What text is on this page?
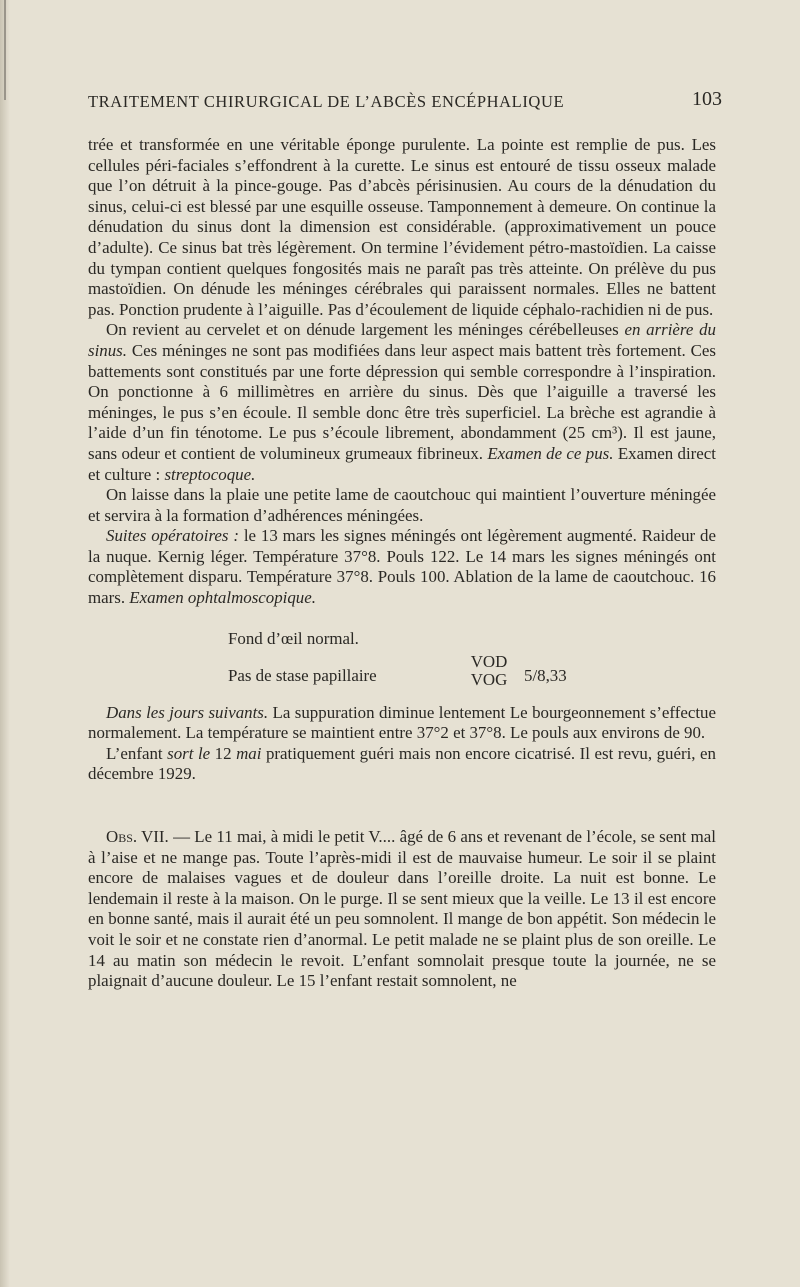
TRAITEMENT CHIRURGICAL DE L’ABCÈS ENCÉPHALIQUE	103

trée et transformée en une véritable éponge purulente. La pointe est remplie de pus. Les cellules péri-faciales s’effondrent à la curette. Le sinus est entouré de tissu osseux malade que l’on détruit à la pince-gouge. Pas d’abcès périsinusien. Au cours de la dénudation du sinus, celui-ci est blessé par une esquille osseuse. Tamponnement à demeure. On continue la dénudation du sinus dont la dimension est considérable. (approximativement un pouce d’adulte). Ce sinus bat très légèrement. On termine l’évidement pétro-mastoïdien. La caisse du tympan contient quelques fongosités mais ne paraît pas très atteinte. On prélève du pus mastoïdien. On dénude les méninges cérébrales qui paraissent normales. Elles ne battent pas. Ponction prudente à l’aiguille. Pas d’écoulement de liquide céphalo-rachidien ni de pus.

On revient au cervelet et on dénude largement les méninges cérébelleuses en arrière du sinus. Ces méninges ne sont pas modifiées dans leur aspect mais battent très fortement. Ces battements sont constitués par une forte dépression qui semble correspondre à l’inspiration. On ponctionne à 6 millimètres en arrière du sinus. Dès que l’aiguille a traversé les méninges, le pus s’en écoule. Il semble donc être très superficiel. La brèche est agrandie à l’aide d’un fin ténotome. Le pus s’écoule librement, abondamment (25 cm³). Il est jaune, sans odeur et contient de volumineux grumeaux fibrineux. Examen de ce pus. Examen direct et culture : streptocoque.

On laisse dans la plaie une petite lame de caoutchouc qui maintient l’ouverture méningée et servira à la formation d’adhérences méningées.

Suites opératoires : le 13 mars les signes méningés ont légèrement augmenté. Raideur de la nuque. Kernig léger. Température 37°8. Pouls 122. Le 14 mars les signes méningés ont complètement disparu. Température 37°8. Pouls 100. Ablation de la lame de caoutchouc. 16 mars. Examen ophtalmoscopique.

Fond d’œil normal.
Pas de stase papillaire
VOD
VOG 5/8,33

Dans les jours suivants. La suppuration diminue lentement Le bourgeonnement s’effectue normalement. La température se maintient entre 37°2 et 37°8. Le pouls aux environs de 90.

L’enfant sort le 12 mai pratiquement guéri mais non encore cicatrisé. Il est revu, guéri, en décembre 1929.

Obs. VII. — Le 11 mai, à midi le petit V.... âgé de 6 ans et revenant de l’école, se sent mal à l’aise et ne mange pas. Toute l’après-midi il est de mauvaise humeur. Le soir il se plaint encore de malaises vagues et de douleur dans l’oreille droite. La nuit est bonne. Le lendemain il reste à la maison. On le purge. Il se sent mieux que la veille. Le 13 il est encore en bonne santé, mais il aurait été un peu somnolent. Il mange de bon appétit. Son médecin le voit le soir et ne constate rien d’anormal. Le petit malade ne se plaint plus de son oreille. Le 14 au matin son médecin le revoit. L’enfant somnolait presque toute la journée, ne se plaignait d’aucune douleur. Le 15 l’enfant restait somnolent, ne
